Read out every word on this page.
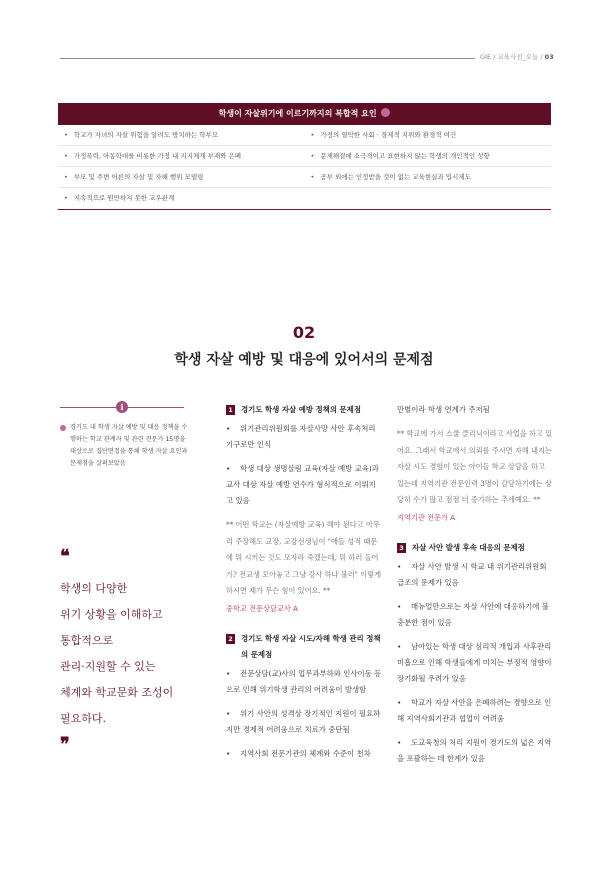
GIE / 교육사전_오늘 / 03
학생이 자살위기에 이르기까지의 복합적 요인
• 학교가 자녀의 자살 위험을 알려도 방치하는 학부모	• 가정의 열악한 사회 · 경제적 지위와 환경적 여건
• 가정폭력, 아동학대를 비롯한 가정 내 지지체계 부재와 은폐	• 문제해결에 소극적이고 표현하지 않는 학생의 개인적인 성향
• 부모 및 주변 어른의 자살 및 자해 행위 모델링	• 공부 외에는 인정받을 것이 없는 교육현실과 입시제도
• 지속적으로 원만하지 못한 교우관계
02
학생 자살 예방 및 대응에 있어서의 문제점
i
경기도 내 학생 자살 예방 및 대응 정책을 수행하는 학교 관계자 및 관련 전문가 15명을 대상으로 집단면접을 통해 학생 자살 요인과 문제점을 살펴보았음
❝
학생의 다양한
위기 상황을 이해하고
통합적으로
관리·지원할 수 있는
체계와 학교문화 조성이
필요하다.
❞
1	경기도 학생 자살 예방 정책의 문제점
• 위기관리위원회를 자살사망 사안 후속처리 기구로만 인식
• 학생 대상 생명살림 교육(자살 예방 교육)과 교사 대상 자살 예방 연수가 형식적으로 이뤄지고 있음
** 어떤 학교는 (자살예방 교육) 해야 된다고 아무리 주장해도 교장, 교감선생님이 "애들 성적 때문에 뭐 시키는 것도 모자라 죽겠는데, 뭐 하러 들어가? 전교생 모아놓고 그냥 강사 하나 불러" 이렇게 하시면 제가 무슨 힘이 있어요. **
중학교 전문상담교사 A
2	경기도 학생 자살 시도/자해 학생 관리 정책의 문제점
• 전문상담(교)사의 업무과부하와 인사이동 등으로 인해 위기학생 관리의 어려움이 발생함
• 위기 사안의 성격상 장기적인 지원이 필요하지만 경제적 어려움으로 치료가 중단됨
• 지역사회 전문기관의 체계와 수준이 천차
만별이라 학생 연계가 주저됨
** 학교에 가서 스쿨 클리닉이라고 사업을 하고 있어요. 그래서 학교에서 의뢰를 주시면 자해 내지는 자살 시도 경험이 있는 아이들 학교 상담을 하고 있는데 지역기관 전문인력 3명이 감당하기에는 상당히 수가 많고 점점 더 증가하는 추세예요. **
지역기관 전문가 A
3	자살 사안 발생 후속 대응의 문제점
• 자살 사안 발생 시 학교 내 위기관리위원회 급조의 문제가 있음
• 매뉴얼만으로는 자살 사안에 대응하기에 불충분한 점이 있음
• 남아있는 학생 대상 심리적 개입과 사후관리 미흡으로 인해 학생들에게 미치는 부정적 영향이 장기화될 우려가 있음
• 학교가 자살 사안을 은폐하려는 경향으로 인해 지역사회기관과 협업이 어려움
• 도교육청의 처리 지원이 경기도의 넓은 지역을 포괄하는 데 한계가 있음
